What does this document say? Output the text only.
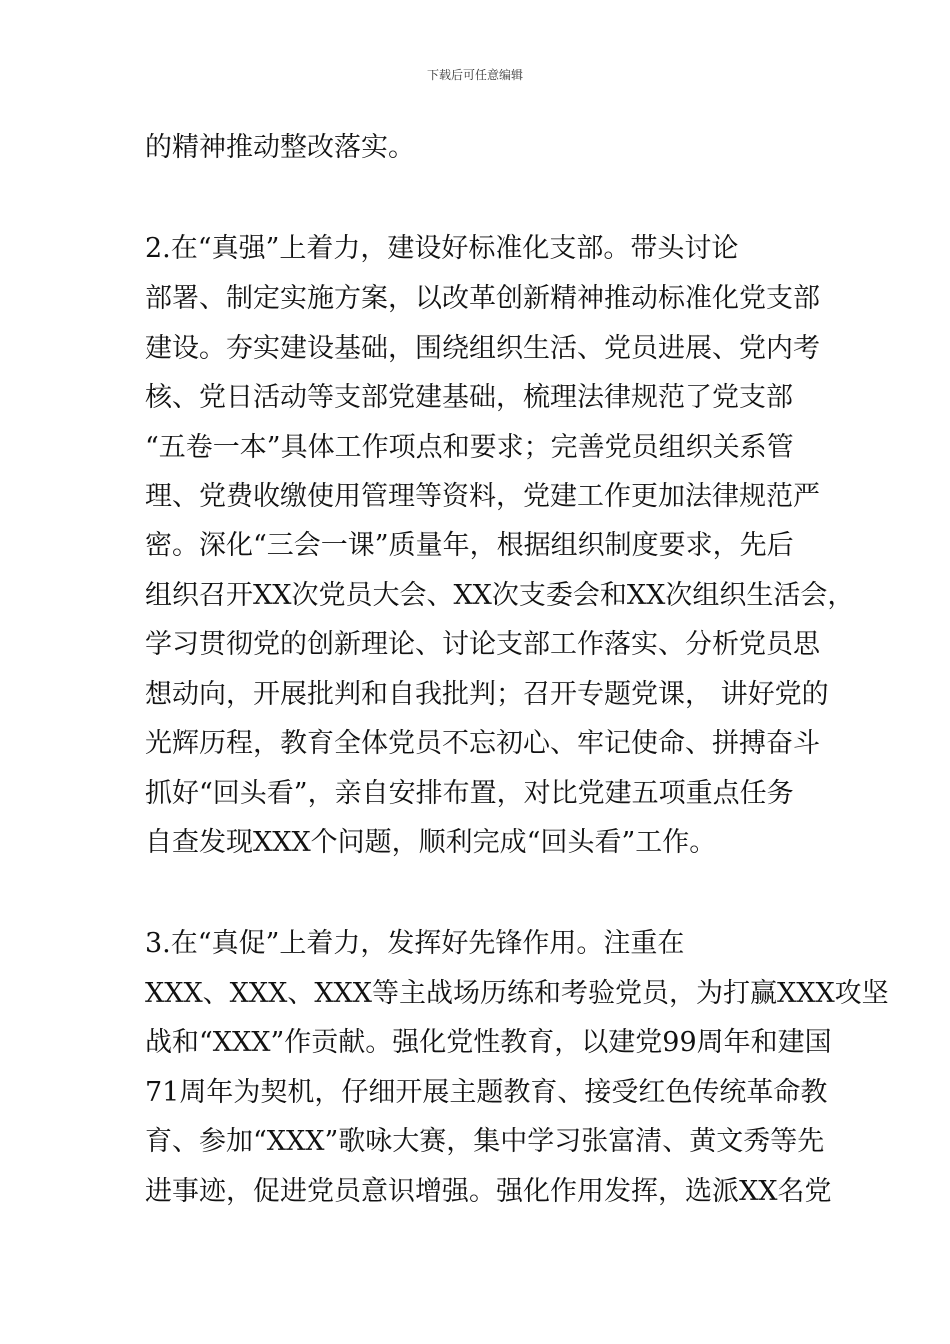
下载后可任意编辑
的精神推动整改落实。
2.在“真强”上着力，建设好标准化支部。带头讨论
部署、制定实施方案，以改革创新精神推动标准化党支部
建设。夯实建设基础，围绕组织生活、党员进展、党内考
核、党日活动等支部党建基础，梳理法律规范了党支部
“五卷一本”具体工作项点和要求；完善党员组织关系管
理、党费收缴使用管理等资料，党建工作更加法律规范严
密。深化“三会一课”质量年，根据组织制度要求，先后
组织召开XX次党员大会、XX次支委会和XX次组织生活会，
学习贯彻党的创新理论、讨论支部工作落实、分析党员思
想动向，开展批判和自我批判；召开专题党课， 讲好党的
光辉历程，教育全体党员不忘初心、牢记使命、拼搏奋斗
抓好“回头看”，亲自安排布置，对比党建五项重点任务
自查发现XXX个问题，顺利完成“回头看”工作。
3.在“真促”上着力，发挥好先锋作用。注重在
XXX、XXX、XXX等主战场历练和考验党员，为打赢XXX攻坚
战和“XXX”作贡献。强化党性教育，以建党99周年和建国
71周年为契机，仔细开展主题教育、接受红色传统革命教
育、参加“XXX”歌咏大赛，集中学习张富清、黄文秀等先
进事迹，促进党员意识增强。强化作用发挥，选派XX名党
